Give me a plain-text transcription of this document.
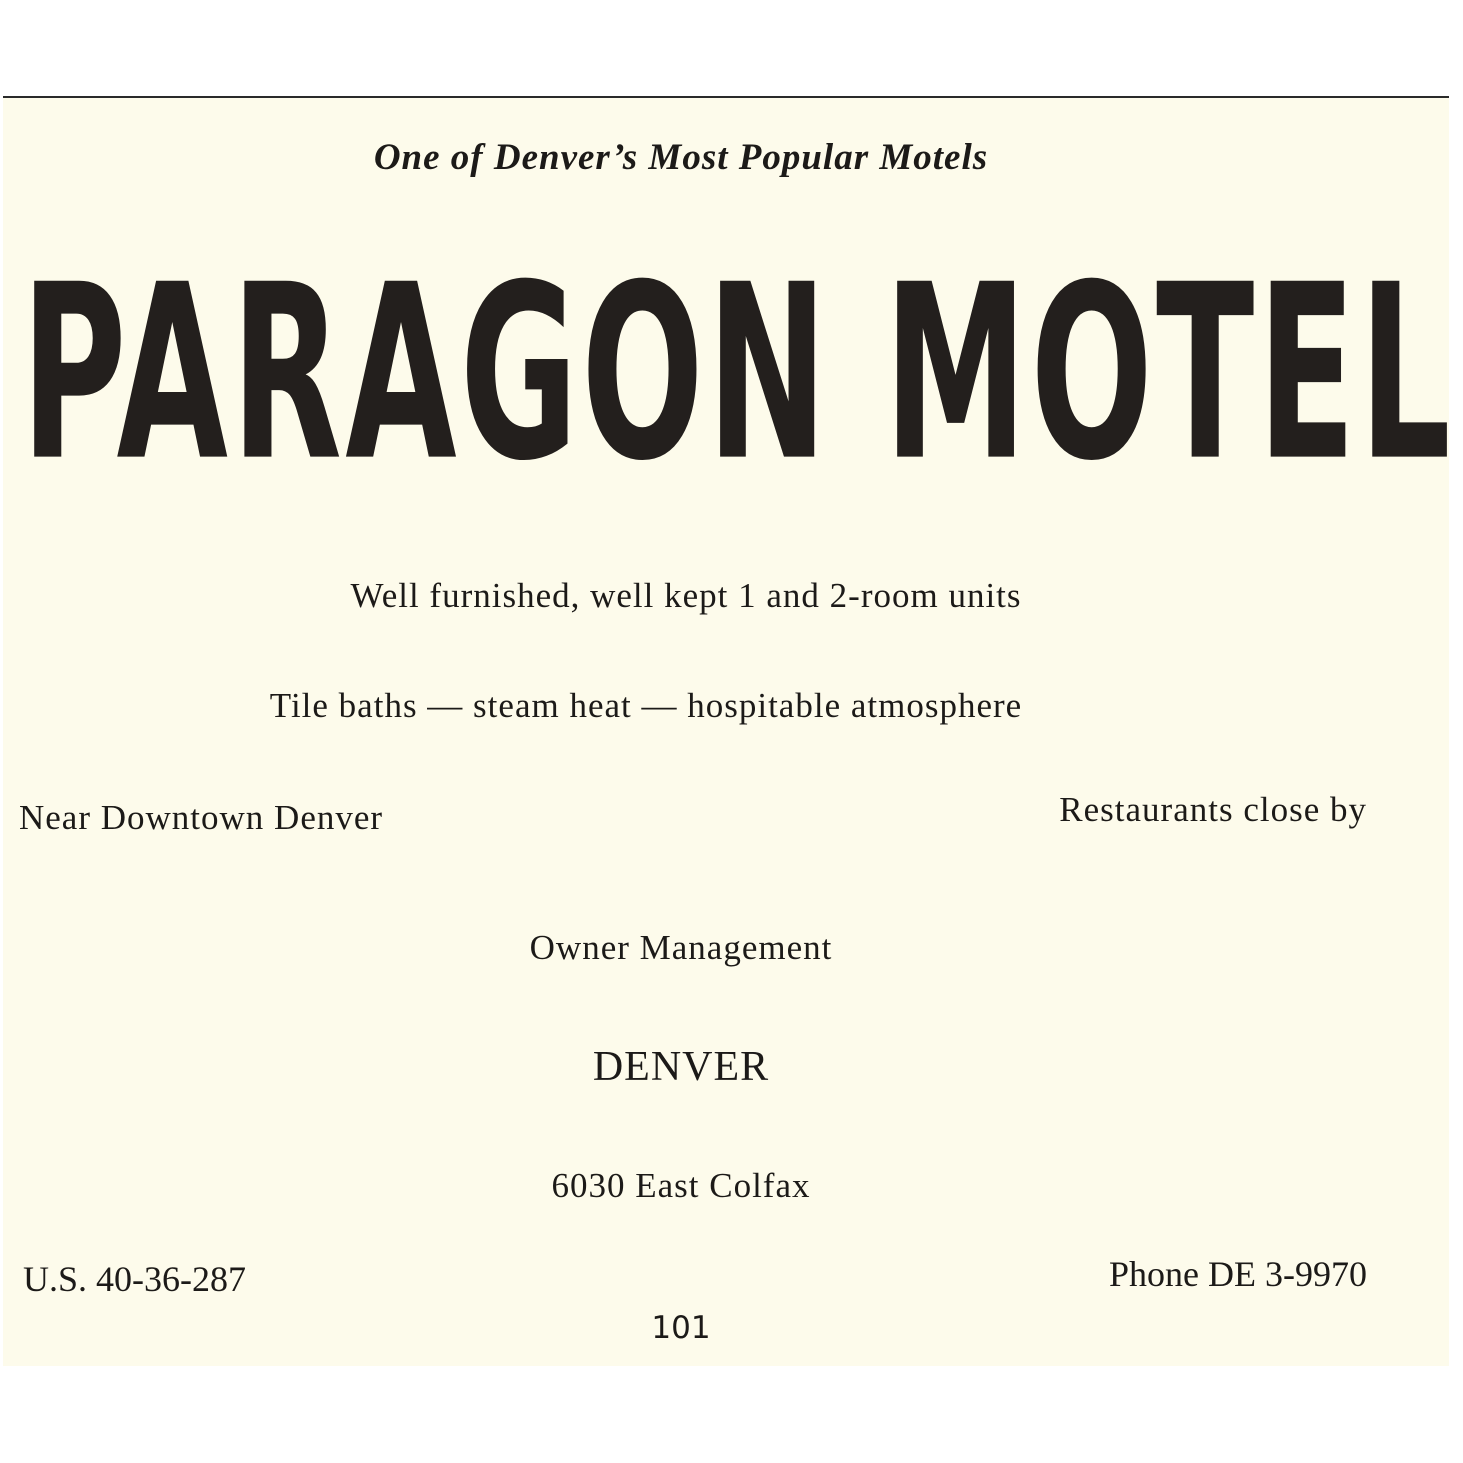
One of Denver’s Most Popular Motels
PARAGON MOTEL
Well furnished, well kept 1 and 2-room units
Tile baths — steam heat — hospitable atmosphere
Near Downtown Denver	Restaurants close by
Owner Management
DENVER
6030 East Colfax
U.S. 40-36-287	Phone DE 3-9970
101
